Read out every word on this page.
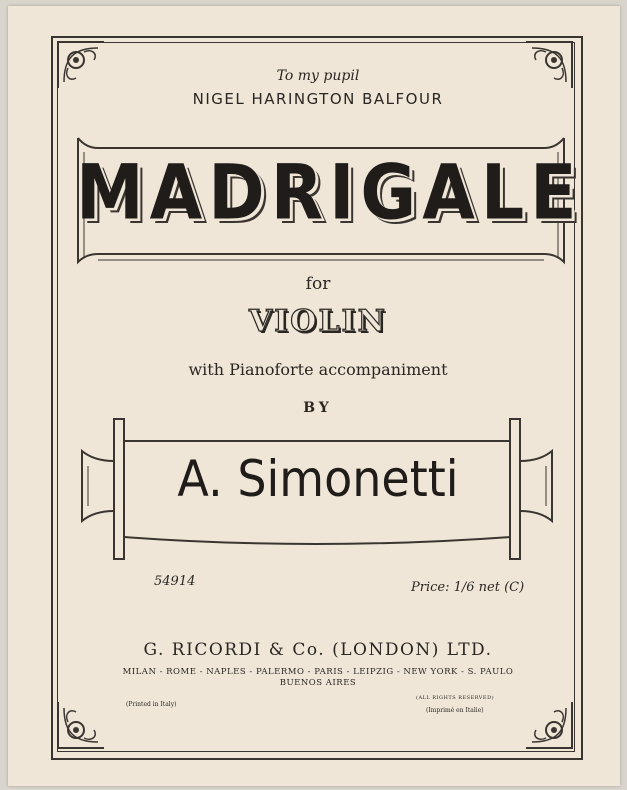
To my pupil
NIGEL HARINGTON BALFOUR
MADRIGALE
for
VIOLIN
with Pianoforte accompaniment
BY
A. Simonetti
54914	Price: 1/6 net (C)
G. RICORDI & Co. (LONDON) LTD.
MILAN - ROME - NAPLES - PALERMO - PARIS - LEIPZIG - NEW YORK - S. PAULO
BUENOS AIRES
(Printed in Italy)
(ALL RIGHTS RESERVED)
(Imprimé en Italie)
